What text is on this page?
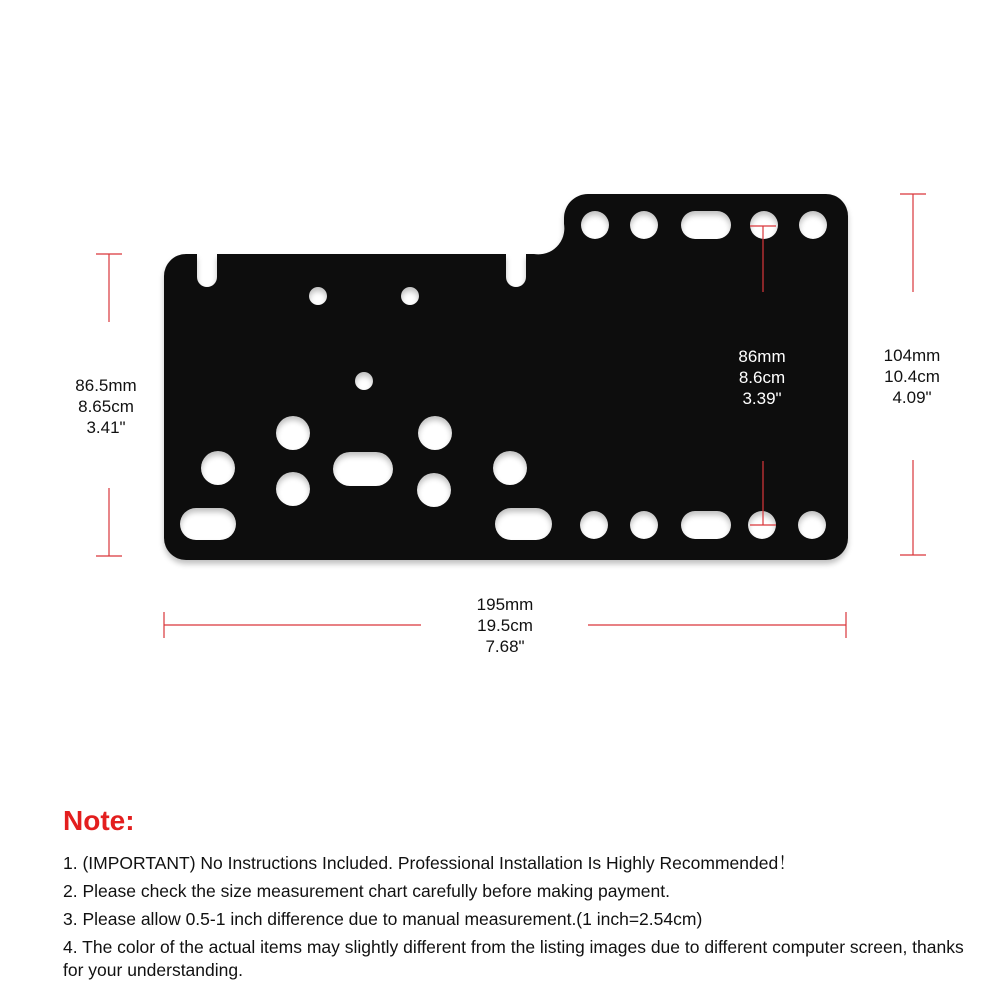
86.5mm
8.65cm
3.41"
86mm
8.6cm
3.39"
104mm
10.4cm
4.09"
195mm
19.5cm
7.68"
Note:
1. (IMPORTANT) No Instructions Included. Professional Installation Is Highly Recommended！
2. Please check the size measurement chart carefully before making payment.
3. Please allow 0.5-1 inch difference due to manual measurement.(1 inch=2.54cm)
4. The color of the actual items may slightly different from the listing images due to different computer screen, thanks for your understanding.
